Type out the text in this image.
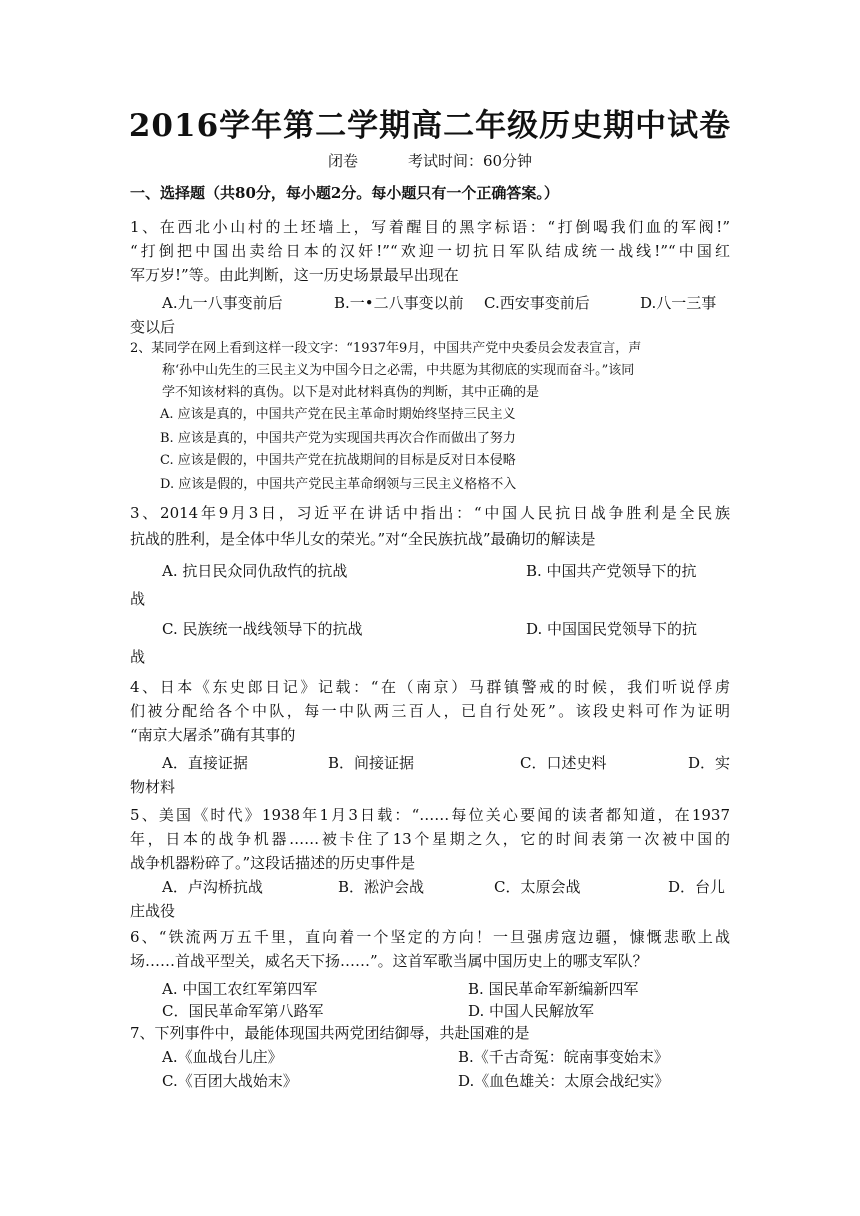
2016学年第二学期高二年级历史期中试卷
闭卷	考试时间：60分钟
一、选择题（共80分，每小题2分。每小题只有一个正确答案。）
1、在西北小山村的土坯墙上，写着醒目的黑字标语：“打倒喝我们血的军阀!”
“打倒把中国出卖给日本的汉奸!”“欢迎一切抗日军队结成统一战线!”“中国红
军万岁!”等。由此判断，这一历史场景最早出现在
A.九一八事变前后	B.一•二八事变以前 C.西安事变前后	D.八一三事
变以后
2、某同学在网上看到这样一段文字：“1937年9月，中国共产党中央委员会发表宣言，声
称‘孙中山先生的三民主义为中国今日之必需，中共愿为其彻底的实现而奋斗。”该同
学不知该材料的真伪。以下是对此材料真伪的判断，其中正确的是
A. 应该是真的，中国共产党在民主革命时期始终坚持三民主义
B. 应该是真的，中国共产党为实现国共再次合作而做出了努力
C. 应该是假的，中国共产党在抗战期间的目标是反对日本侵略
D. 应该是假的，中国共产党民主革命纲领与三民主义格格不入
3、2014年9月3日，习近平在讲话中指出：“中国人民抗日战争胜利是全民族
抗战的胜利，是全体中华儿女的荣光。”对“全民族抗战”最确切的解读是
A. 抗日民众同仇敌忾的抗战	B. 中国共产党领导下的抗
战
C. 民族统一战线领导下的抗战	D. 中国国民党领导下的抗
战
4、日本《东史郎日记》记载：“在（南京）马群镇警戒的时候，我们听说俘虏
们被分配给各个中队，每一中队两三百人，已自行处死”。该段史料可作为证明
“南京大屠杀”确有其事的
A．直接证据	B．间接证据	C．口述史料	D．实
物材料
5、美国《时代》1938年1月3日载：“……每位关心要闻的读者都知道，在1937
年，日本的战争机器……被卡住了13个星期之久，它的时间表第一次被中国的
战争机器粉碎了。”这段话描述的历史事件是
A．卢沟桥抗战	B．淞沪会战	C．太原会战	D．台儿
庄战役
6、“铁流两万五千里，直向着一个坚定的方向！一旦强虏寇边疆，慷慨悲歌上战
场……首战平型关，威名天下扬……”。这首军歌当属中国历史上的哪支军队？
A. 中国工农红军第四军	B. 国民革命军新编新四军
C．国民革命军第八路军	D. 中国人民解放军
7、下列事件中，最能体现国共两党团结御辱，共赴国难的是
A.《血战台儿庄》	B.《千古奇冤：皖南事变始末》
C.《百团大战始末》	D.《血色雄关：太原会战纪实》
